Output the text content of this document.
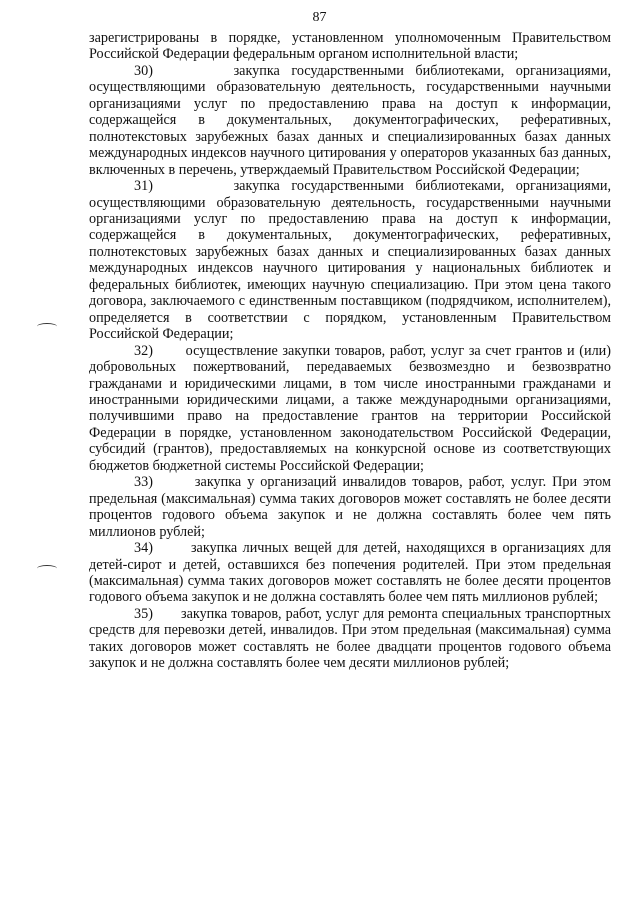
87

зарегистрированы в порядке, установленном уполномоченным Правительством Российской Федерации федеральным органом исполнительной власти;

30)       закупка государственными библиотеками, организациями, осуществляющими образовательную деятельность, государственными научными организациями услуг по предоставлению права на доступ к информации, содержащейся в документальных, документографических, реферативных, полнотекстовых зарубежных базах данных и специализированных базах данных международных индексов научного цитирования у операторов указанных баз данных, включенных в перечень, утверждаемый Правительством Российской Федерации;

31)       закупка государственными библиотеками, организациями, осуществляющими образовательную деятельность, государственными научными организациями услуг по предоставлению права на доступ к информации, содержащейся в документальных, документографических, реферативных, полнотекстовых зарубежных базах данных и специализированных базах данных международных индексов научного цитирования у национальных библиотек и федеральных библиотек, имеющих научную специализацию. При этом цена такого договора, заключаемого с единственным поставщиком (подрядчиком, исполнителем), определяется в соответствии с порядком, установленным Правительством Российской Федерации;

32)       осуществление закупки товаров, работ, услуг за счет грантов и (или) добровольных пожертвований, передаваемых безвозмездно и безвозвратно гражданами и юридическими лицами, в том числе иностранными гражданами и иностранными юридическими лицами, а также международными организациями, получившими право на предоставление грантов на территории Российской Федерации в порядке, установленном законодательством Российской Федерации, субсидий (грантов), предоставляемых на конкурсной основе из соответствующих бюджетов бюджетной системы Российской Федерации;

33)       закупка у организаций инвалидов товаров, работ, услуг. При этом предельная (максимальная) сумма таких договоров может составлять не более десяти процентов годового объема закупок и не должна составлять более чем пять миллионов рублей;

34)       закупка личных вещей для детей, находящихся в организациях для детей-сирот и детей, оставшихся без попечения родителей. При этом предельная (максимальная) сумма таких договоров может составлять не более десяти процентов годового объема закупок и не должна составлять более чем пять миллионов рублей;

35)       закупка товаров, работ, услуг для ремонта специальных транспортных средств для перевозки детей, инвалидов. При этом предельная (максимальная) сумма таких договоров может составлять не более двадцати процентов годового объема закупок и не должна составлять более чем десяти миллионов рублей;
